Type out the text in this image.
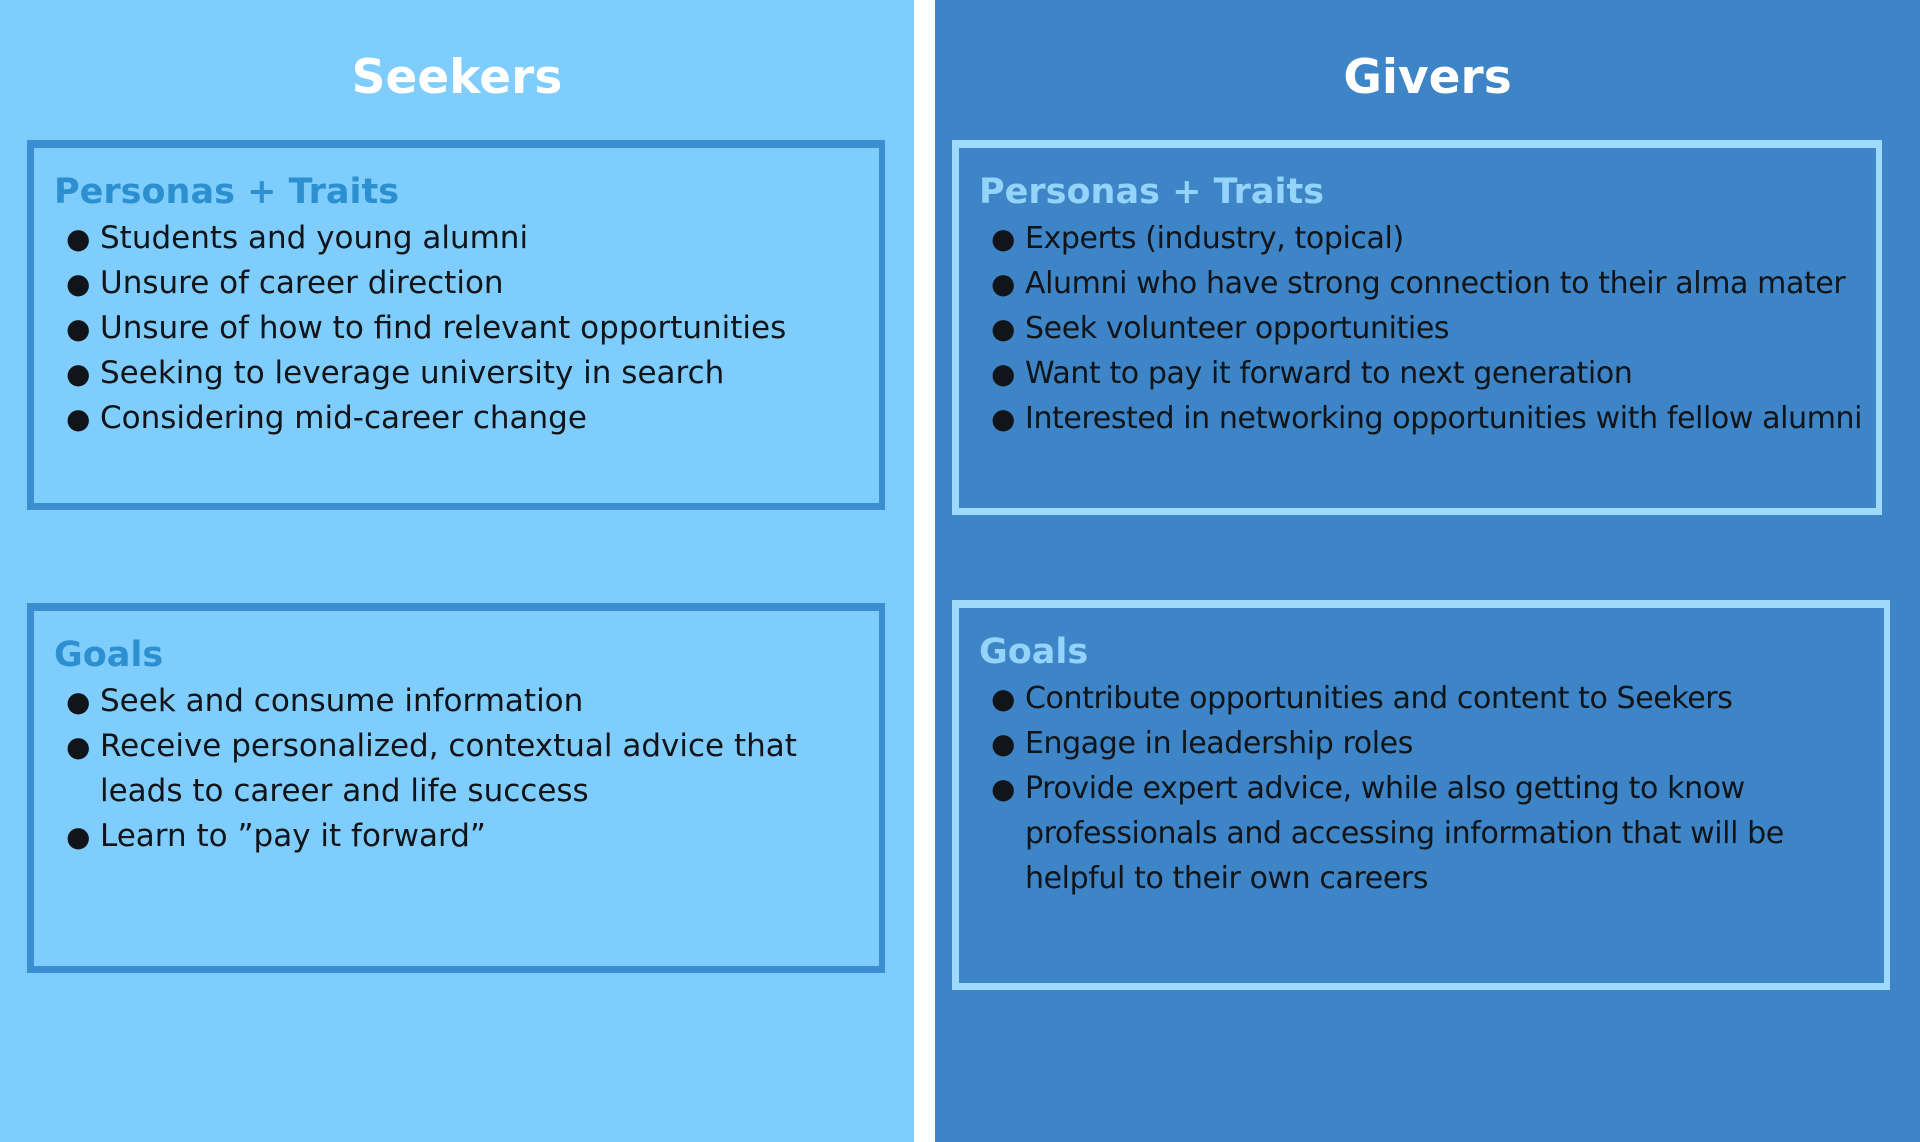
Seekers
Personas + Traits
● Students and young alumni
● Unsure of career direction
● Unsure of how to find relevant opportunities
● Seeking to leverage university in search
● Considering mid-career change
Goals
● Seek and consume information
● Receive personalized, contextual advice that leads to career and life success
● Learn to ”pay it forward”
Givers
Personas + Traits
● Experts (industry, topical)
● Alumni who have strong connection to their alma mater
● Seek volunteer opportunities
● Want to pay it forward to next generation
● Interested in networking opportunities with fellow alumni
Goals
● Contribute opportunities and content to Seekers
● Engage in leadership roles
● Provide expert advice, while also getting to know professionals and accessing information that will be helpful to their own careers
